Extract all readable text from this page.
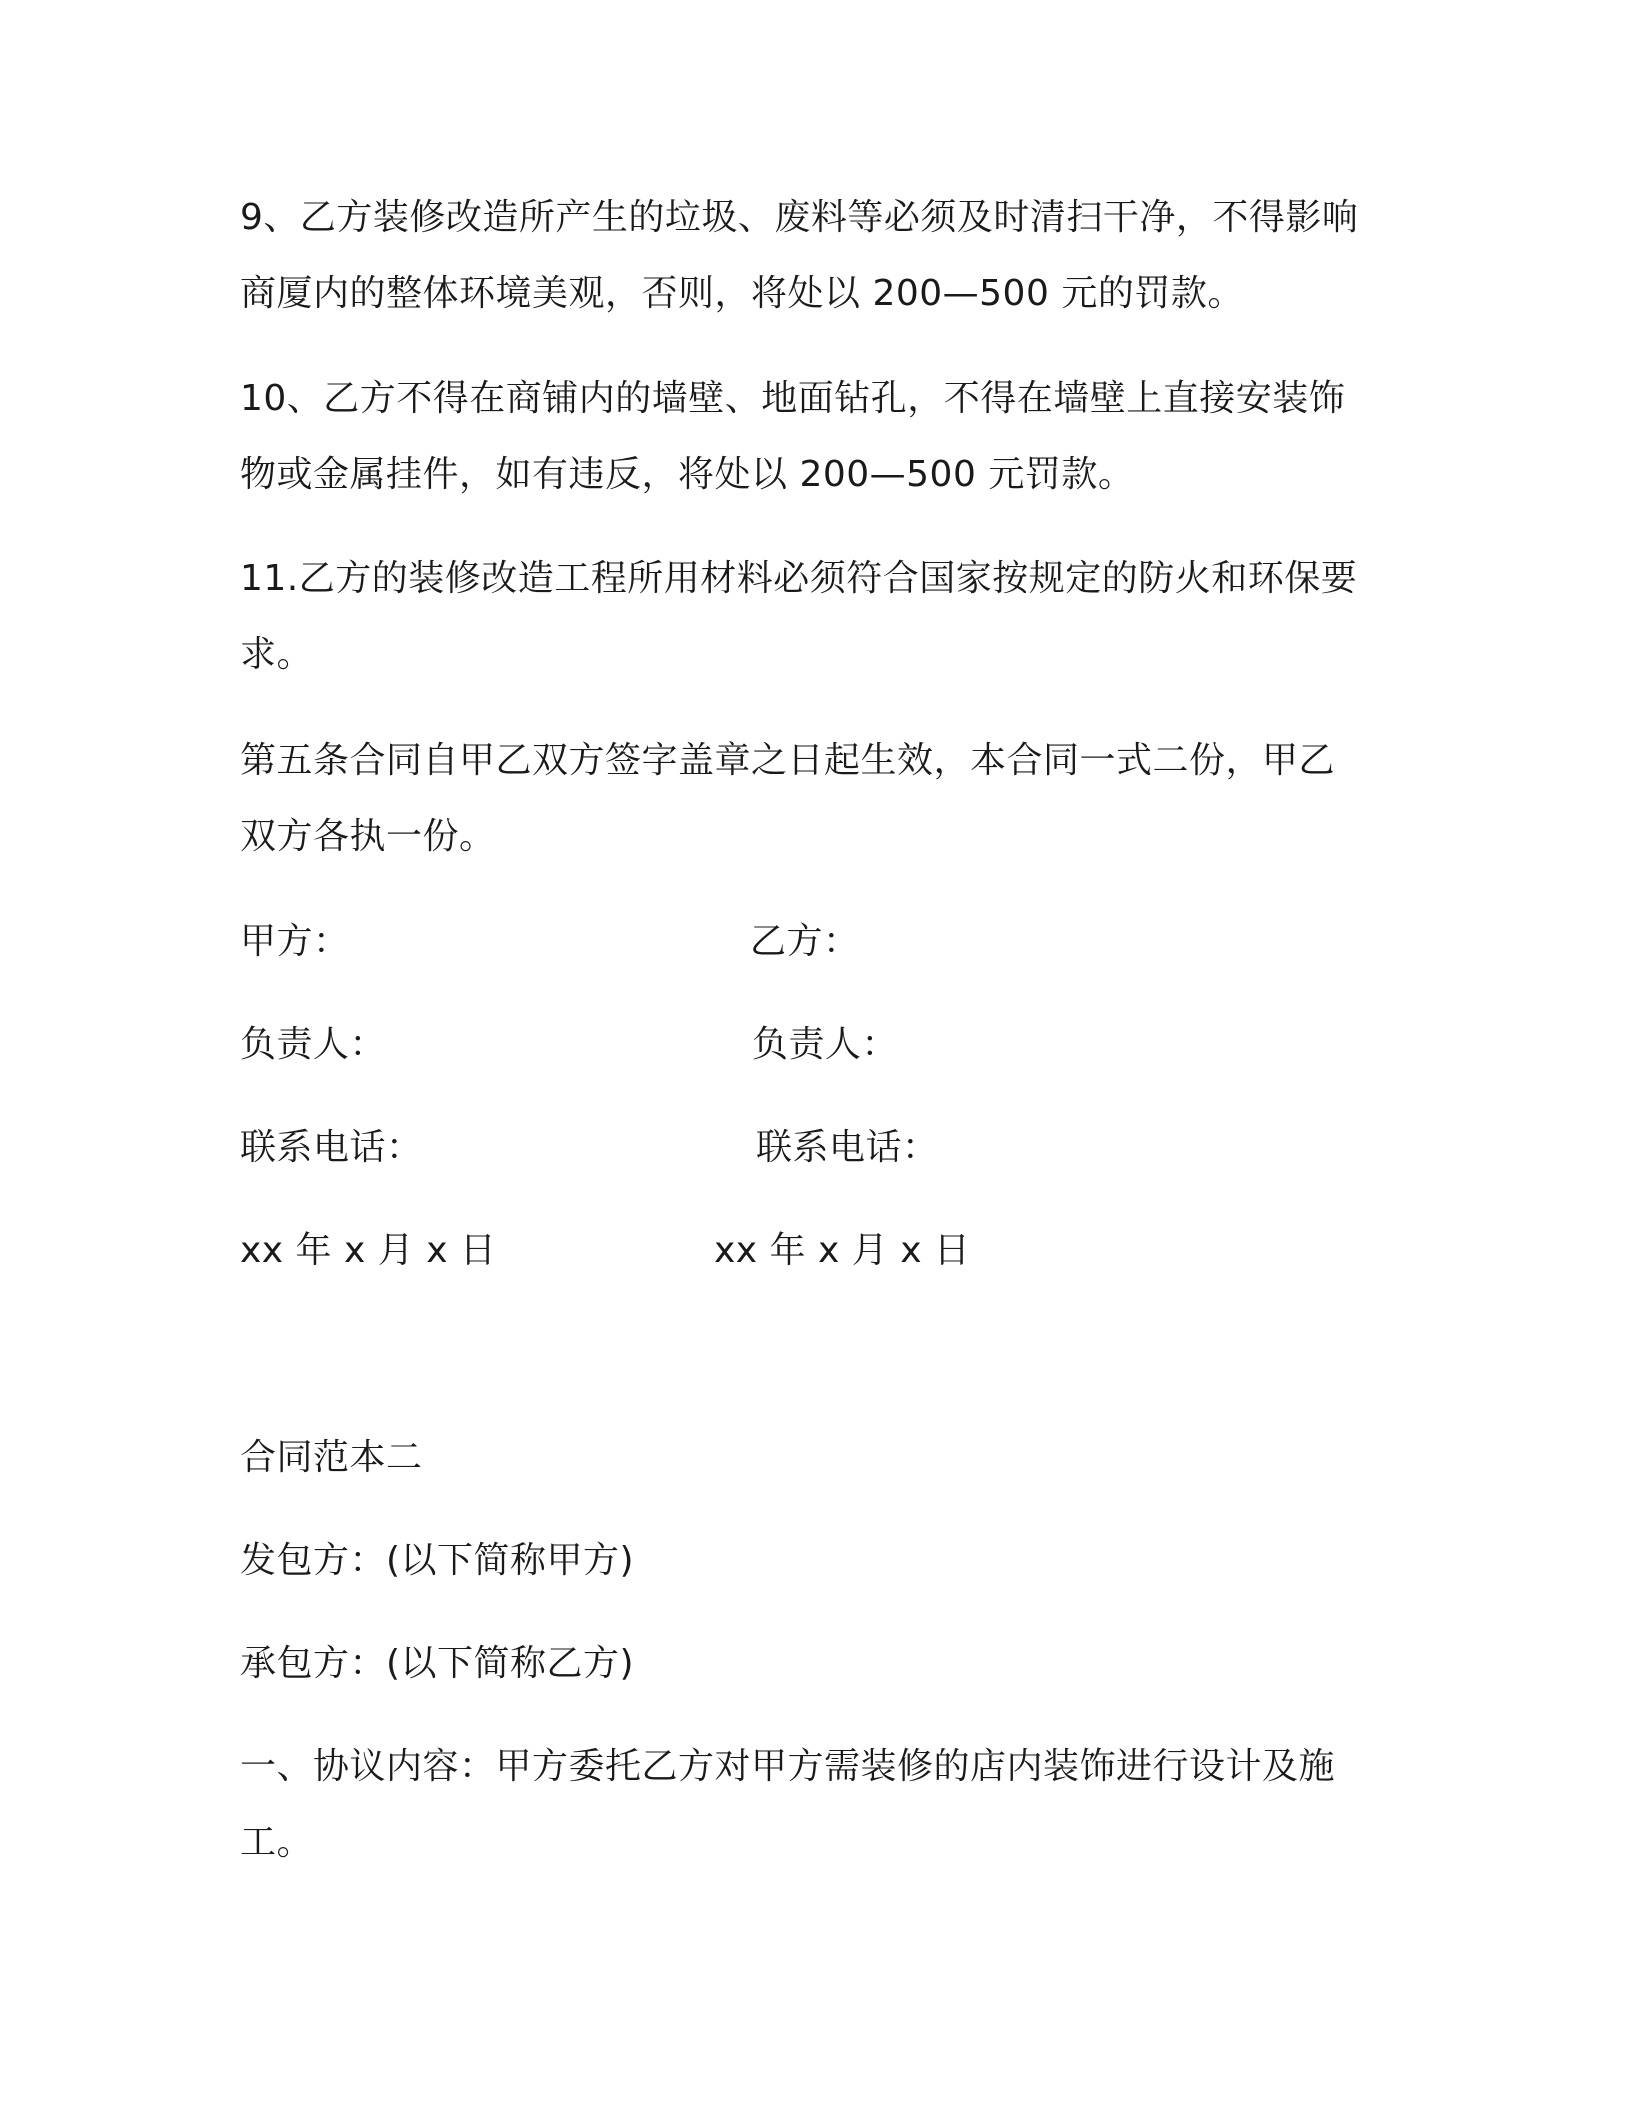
9、乙方装修改造所产生的垃圾、废料等必须及时清扫干净，不得影响
商厦内的整体环境美观，否则，将处以 200—500 元的罚款。
10、乙方不得在商铺内的墙壁、地面钻孔，不得在墙壁上直接安装饰
物或金属挂件，如有违反，将处以 200—500 元罚款。
11.乙方的装修改造工程所用材料必须符合国家按规定的防火和环保要
求。
第五条合同自甲乙双方签字盖章之日起生效，本合同一式二份，甲乙
双方各执一份。
甲方：	乙方：
负责人：	负责人：
联系电话：	联系电话：
xx 年 x 月 x 日	xx 年 x 月 x 日
合同范本二
发包方：(以下简称甲方)
承包方：(以下简称乙方)
一、协议内容：甲方委托乙方对甲方需装修的店内装饰进行设计及施
工。
